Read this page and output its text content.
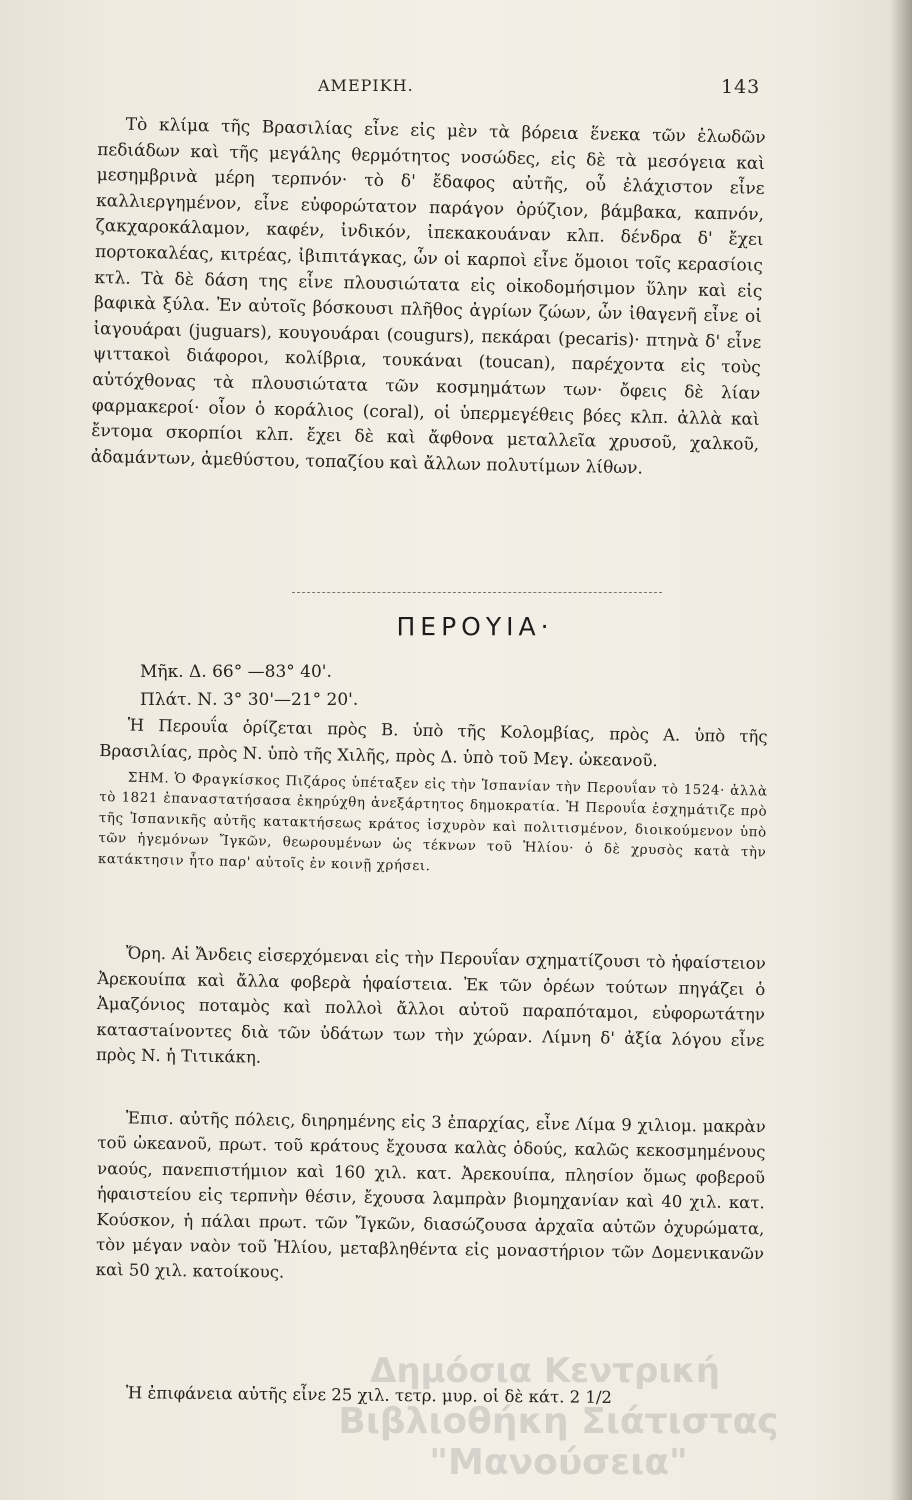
ΑΜΕΡΙΚΗ.	143

Τὸ κλίμα τῆς Βρασιλίας εἶνε εἰς μὲν τὰ βόρεια ἕνεκα τῶν ἑλωδῶν πεδιάδων καὶ τῆς μεγάλης θερμότητος νοσώδες, εἰς δὲ τὰ μεσόγεια καὶ μεσημβρινὰ μέρη τερπνόν· τὸ δ' ἔδαφος αὐτῆς, οὗ ἐλάχιστον εἶνε καλλιεργημένον, εἶνε εὐφορώτατον παράγον ὀρύζιον, βάμβακα, καπνόν, ζακχαροκάλαμον, καφέν, ἰνδικόν, ἰπεκακουάναν κλπ. δένδρα δ' ἔχει πορτοκαλέας, κιτρέας, ἰβιπιτάγκας, ὧν οἱ καρποὶ εἶνε ὅμοιοι τοῖς κερασίοις κτλ. Τὰ δὲ δάση της εἶνε πλουσιώτατα εἰς οἰκοδομήσιμον ὕλην καὶ εἰς βαφικὰ ξύλα. Ἐν αὐτοῖς βόσκουσι πλῆθος ἀγρίων ζώων, ὧν ἰθαγενῆ εἶνε οἱ ἰαγουάραι (juguars), κουγουάραι (cougurs), πεκάραι (pecaris)· πτηνὰ δ' εἶνε ψιττακοὶ διάφοροι, κολίβρια, τουκάναι (toucan), παρέχοντα εἰς τοὺς αὐτόχθονας τὰ πλουσιώτατα τῶν κοσμημάτων των· ὄφεις δὲ λίαν φαρμακεροί· οἷον ὁ κοράλιος (coral), οἱ ὑπερμεγέθεις βόες κλπ. ἀλλὰ καὶ ἔντομα σκορπίοι κλπ. ἔχει δὲ καὶ ἄφθονα μεταλλεῖα χρυσοῦ, χαλκοῦ, ἀδαμάντων, ἀμεθύστου, τοπαζίου καὶ ἄλλων πολυτίμων λίθων.

ΠΕΡΟΥΙΑ·
Μῆκ. Δ. 66° —83° 40'.
Πλάτ. Ν. 3° 30'—21° 20'.

Ἡ Περουΐα ὁρίζεται πρὸς Β. ὑπὸ τῆς Κολομβίας, πρὸς Α. ὑπὸ τῆς Βρασιλίας, πρὸς Ν. ὑπὸ τῆς Χιλῆς, πρὸς Δ. ὑπὸ τοῦ Μεγ. ὠκεανοῦ.

ΣΗΜ. Ὁ Φραγκίσκος Πιζάρος ὑπέταξεν εἰς τὴν Ἱσπανίαν τὴν Περουΐαν τὸ 1524· ἀλλὰ τὸ 1821 ἐπαναστατήσασα ἐκηρύχθη ἀνεξάρτητος δημοκρατία. Ἡ Περουΐα ἐσχημάτιζε πρὸ τῆς Ἱσπανικῆς αὐτῆς κατακτήσεως κράτος ἰσχυρὸν καὶ πολιτισμένον, διοικούμενον ὑπὸ τῶν ἡγεμόνων Ἴγκῶν, θεωρουμένων ὡς τέκνων τοῦ Ἡλίου· ὁ δὲ χρυσὸς κατὰ τὴν κατάκτησιν ἦτο παρ' αὐτοῖς ἐν κοινῇ χρήσει.

Ὄρη. Αἱ Ἄνδεις εἰσερχόμεναι εἰς τὴν Περουΐαν σχηματίζουσι τὸ ἡφαίστειον Ἀρεκουίπα καὶ ἄλλα φοβερὰ ἡφαίστεια. Ἐκ τῶν ὀρέων τούτων πηγάζει ὁ Ἀμαζόνιος ποταμὸς καὶ πολλοὶ ἄλλοι αὐτοῦ παραπόταμοι, εὐφορωτάτην καταστaίνοντες διὰ τῶν ὑδάτων των τὴν χώραν. Λίμνη δ' ἀξία λόγου εἶνε πρὸς Ν. ἡ Τιτικάκη.

Ἐπισ. αὐτῆς πόλεις, διηρημένης εἰς 3 ἐπαρχίας, εἶνε Λίμα 9 χιλιομ. μακρὰν τοῦ ὠκεανοῦ, πρωτ. τοῦ κράτους ἔχουσα καλὰς ὁδούς, καλῶς κεκοσμημένους ναούς, πανεπιστήμιον καὶ 160 χιλ. κατ. Ἀρεκουίπα, πλησίον ὅμως φοβεροῦ ἡφαιστείου εἰς τερπνὴν θέσιν, ἔχουσα λαμπρὰν βιομηχανίαν καὶ 40 χιλ. κατ. Κούσκον, ἡ πάλαι πρωτ. τῶν Ἴγκῶν, διασώζουσα ἀρχαῖα αὐτῶν ὀχυρώματα, τὸν μέγαν ναὸν τοῦ Ἡλίου, μεταβληθέντα εἰς μοναστήριον τῶν Δομενικανῶν καὶ 50 χιλ. κατοίκους.

Ἡ ἐπιφάνεια αὐτῆς εἶνε 25 χιλ. τετρ. μυρ. οἱ δὲ κάτ. 2 1/2

Δημόσια Κεντρική
Βιβλιοθήκη Σιάτιστας "Μανούσεια"
